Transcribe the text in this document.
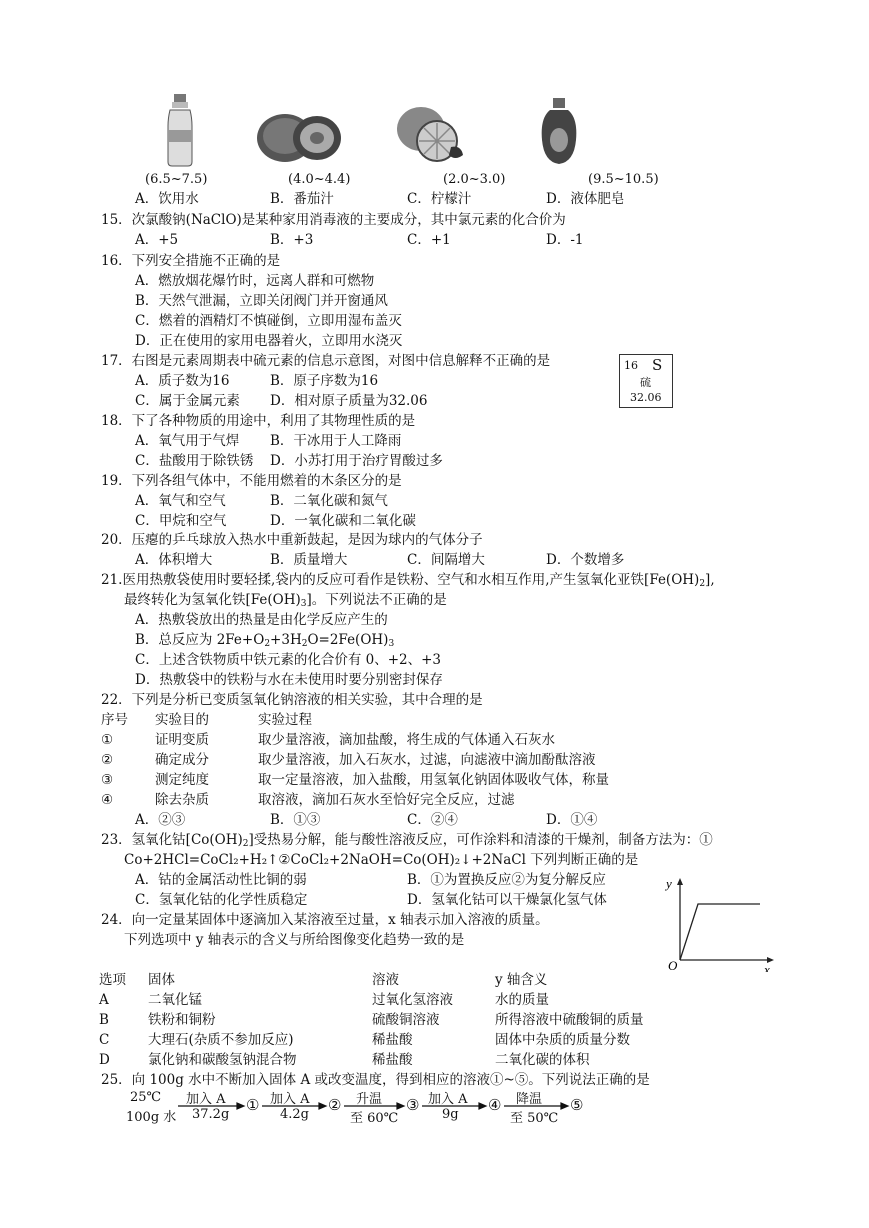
(6.5~7.5)	(4.0~4.4)	(2.0~3.0)	(9.5~10.5)
A．饮用水	B．番茄汁	C．柠檬汁	D．液体肥皂
15．次氯酸钠(NaClO)是某种家用消毒液的主要成分，其中氯元素的化合价为
A．+5	B．+3	C．+1	D．-1
16．下列安全措施不正确的是
A．燃放烟花爆竹时，远离人群和可燃物
B．天然气泄漏，立即关闭阀门并开窗通风
C．燃着的酒精灯不慎碰倒，立即用湿布盖灭
D．正在使用的家用电器着火，立即用水浇灭
17．右图是元素周期表中硫元素的信息示意图，对图中信息解释不正确的是
A．质子数为16	B．原子序数为16
C．属于金属元素 D．相对原子质量为32.06
16 S
硫
32.06
18．下了各种物质的用途中，利用了其物理性质的是
A．氧气用于气焊 B．干冰用于人工降雨
C．盐酸用于除铁锈 D．小苏打用于治疗胃酸过多
19．下列各组气体中，不能用燃着的木条区分的是
A．氧气和空气	B．二氧化碳和氮气
C．甲烷和空气	D．一氧化碳和二氧化碳
20．压瘪的乒乓球放入热水中重新鼓起，是因为球内的气体分子
A．体积增大	B．质量增大	C．间隔增大	D．个数增多
21.医用热敷袋使用时要轻揉,袋内的反应可看作是铁粉、空气和水相互作用,产生氢氧化亚铁$[Fe(OH)_2]$,
最终转化为氢氧化铁$[Fe(OH)_3]$。下列说法不正确的是
A．热敷袋放出的热量是由化学反应产生的
B．总反应为 $2Fe+O_2+3H_2O=2Fe(OH)_3$
C．上述含铁物质中铁元素的化合价有 0、+2、+3
D．热敷袋中的铁粉与水在未使用时要分别密封保存
22．下列是分析已变质氢氧化钠溶液的相关实验，其中合理的是
序号 实验目的	实验过程
①	证明变质	取少量溶液，滴加盐酸，将生成的气体通入石灰水
②	确定成分	取少量溶液，加入石灰水，过滤，向滤液中滴加酚酞溶液
③	测定纯度	取一定量溶液，加入盐酸，用氢氧化钠固体吸收气体，称量
④	除去杂质	取溶液，滴加石灰水至恰好完全反应，过滤
A．②③	B．①③	C．②④	D．①④
23．氢氧化钴$[Co(OH)_2]$受热易分解，能与酸性溶液反应，可作涂料和清漆的干燥剂，制备方法为：①
Co+2HCl=CoCl₂+H₂↑②CoCl₂+2NaOH=Co(OH)₂↓+2NaCl 下列判断正确的是
A．钴的金属活动性比铜的弱	B．①为置换反应②为复分解反应
C．氢氧化钴的化学性质稳定	D．氢氧化钴可以干燥氯化氢气体
24．向一定量某固体中逐滴加入某溶液至过量，x 轴表示加入溶液的质量。
下列选项中 y 轴表示的含义与所给图像变化趋势一致的是
y
x
O
选项 固体	溶液	y 轴含义
A	二氧化锰	过氧化氢溶液	水的质量
B	铁粉和铜粉	硫酸铜溶液	所得溶液中硫酸铜的质量
C	大理石(杂质不参加反应)	稀盐酸	固体中杂质的质量分数
D	氯化钠和碳酸氢钠混合物	稀盐酸	二氧化碳的体积
25．向 100g 水中不断加入固体 A 或改变温度，得到相应的溶液①~⑤。下列说法正确的是
25℃
100g 水
加入 A
37.2g
① 加入 A
4.2g
② 升温
至 60℃
③ 加入 A
9g
④ 降温
至 50℃
⑤
